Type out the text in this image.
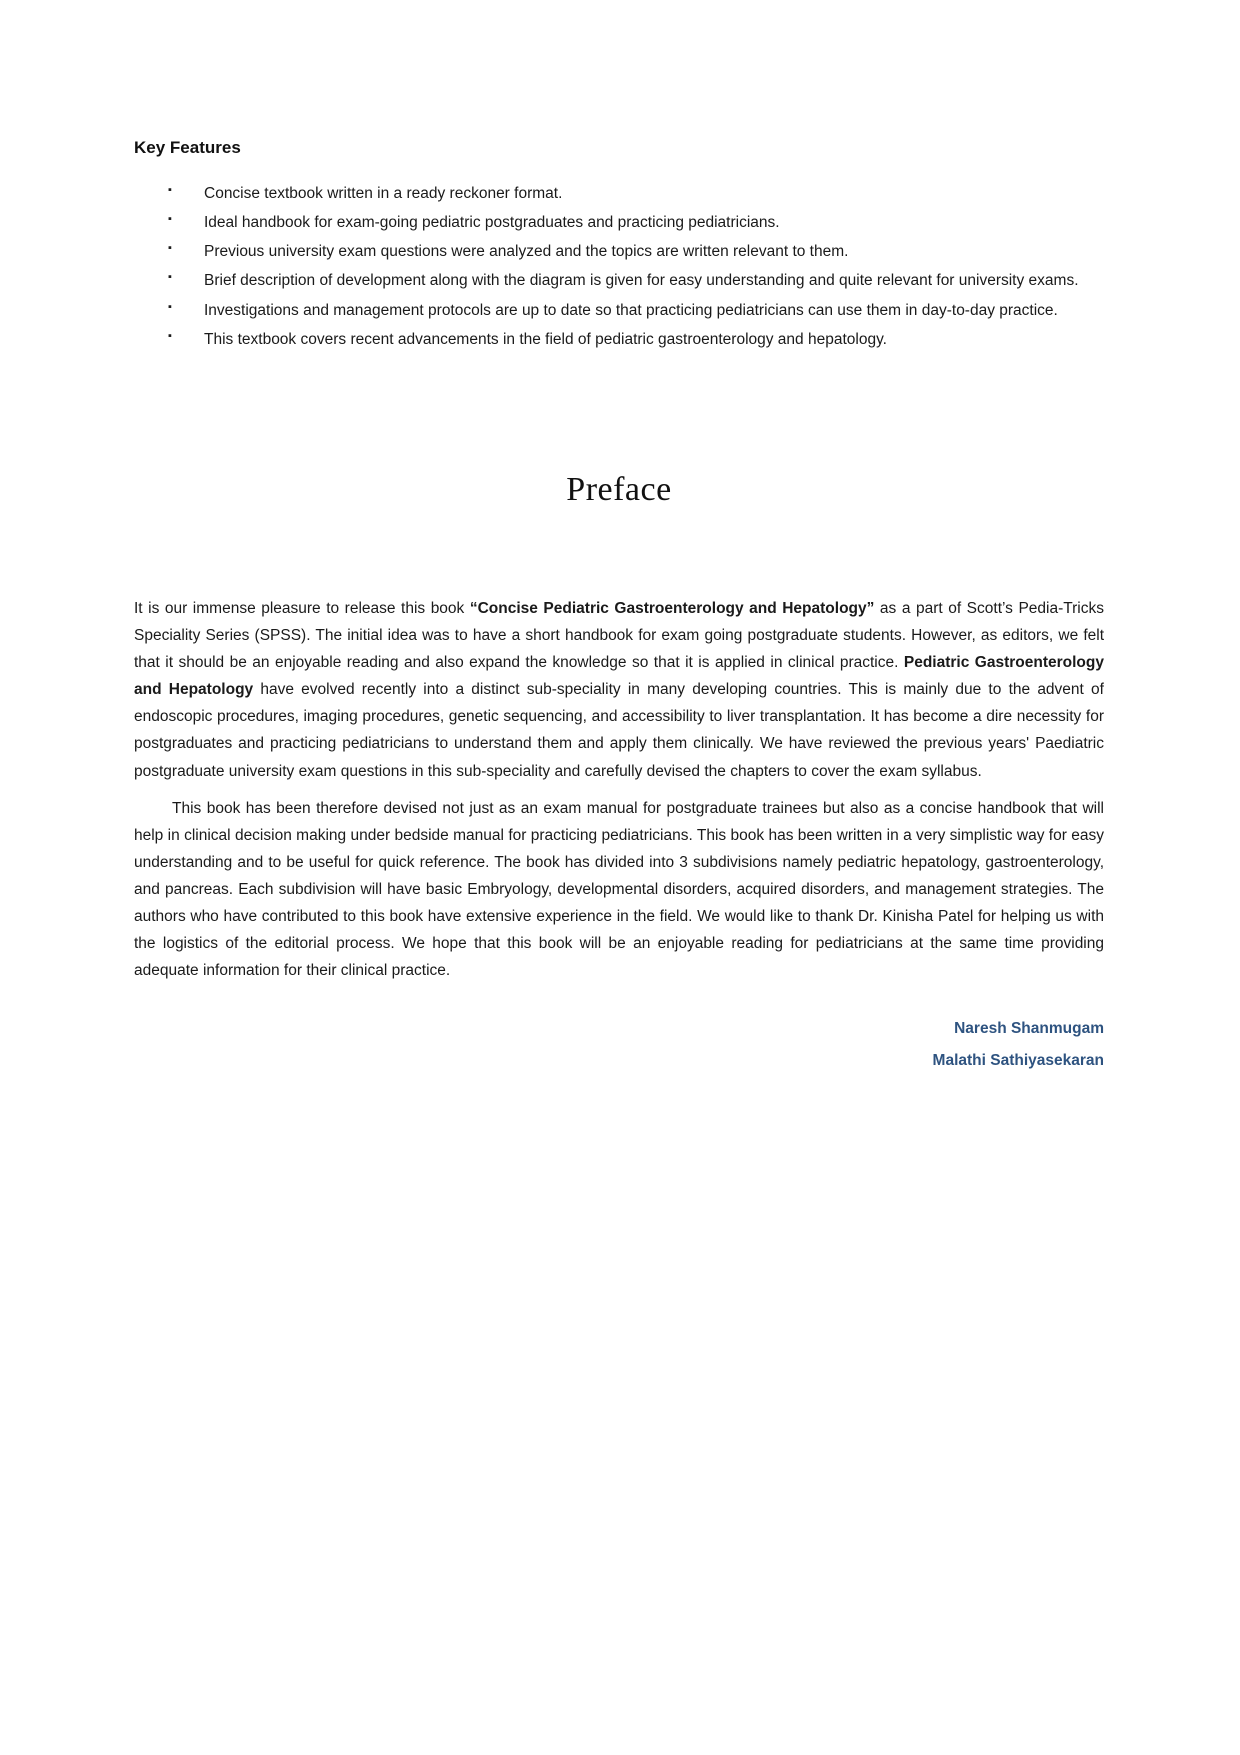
Key Features
▪ Concise textbook written in a ready reckoner format.
▪ Ideal handbook for exam-going pediatric postgraduates and practicing pediatricians.
▪ Previous university exam questions were analyzed and the topics are written relevant to them.
▪ Brief description of development along with the diagram is given for easy understanding and quite relevant for university exams.
▪ Investigations and management protocols are up to date so that practicing pediatricians can use them in day-to-day practice.
▪ This textbook covers recent advancements in the field of pediatric gastroenterology and hepatology.
Preface

It is our immense pleasure to release this book “Concise Pediatric Gastroenterology and Hepatology” as a part of Scott’s Pedia-Tricks Speciality Series (SPSS). The initial idea was to have a short handbook for exam going postgraduate students. However, as editors, we felt that it should be an enjoyable reading and also expand the knowledge so that it is applied in clinical practice. Pediatric Gastroenterology and Hepatology have evolved recently into a distinct sub-speciality in many developing countries. This is mainly due to the advent of endoscopic procedures, imaging procedures, genetic sequencing, and accessibility to liver transplantation. It has become a dire necessity for postgraduates and practicing pediatricians to understand them and apply them clinically. We have reviewed the previous years' Paediatric postgraduate university exam questions in this sub-speciality and carefully devised the chapters to cover the exam syllabus.

This book has been therefore devised not just as an exam manual for postgraduate trainees but also as a concise handbook that will help in clinical decision making under bedside manual for practicing pediatricians. This book has been written in a very simplistic way for easy understanding and to be useful for quick reference. The book has divided into 3 subdivisions namely pediatric hepatology, gastroenterology, and pancreas. Each subdivision will have basic Embryology, developmental disorders, acquired disorders, and management strategies. The authors who have contributed to this book have extensive experience in the field. We would like to thank Dr. Kinisha Patel for helping us with the logistics of the editorial process. We hope that this book will be an enjoyable reading for pediatricians at the same time providing adequate information for their clinical practice.

Naresh Shanmugam
Malathi Sathiyasekaran
